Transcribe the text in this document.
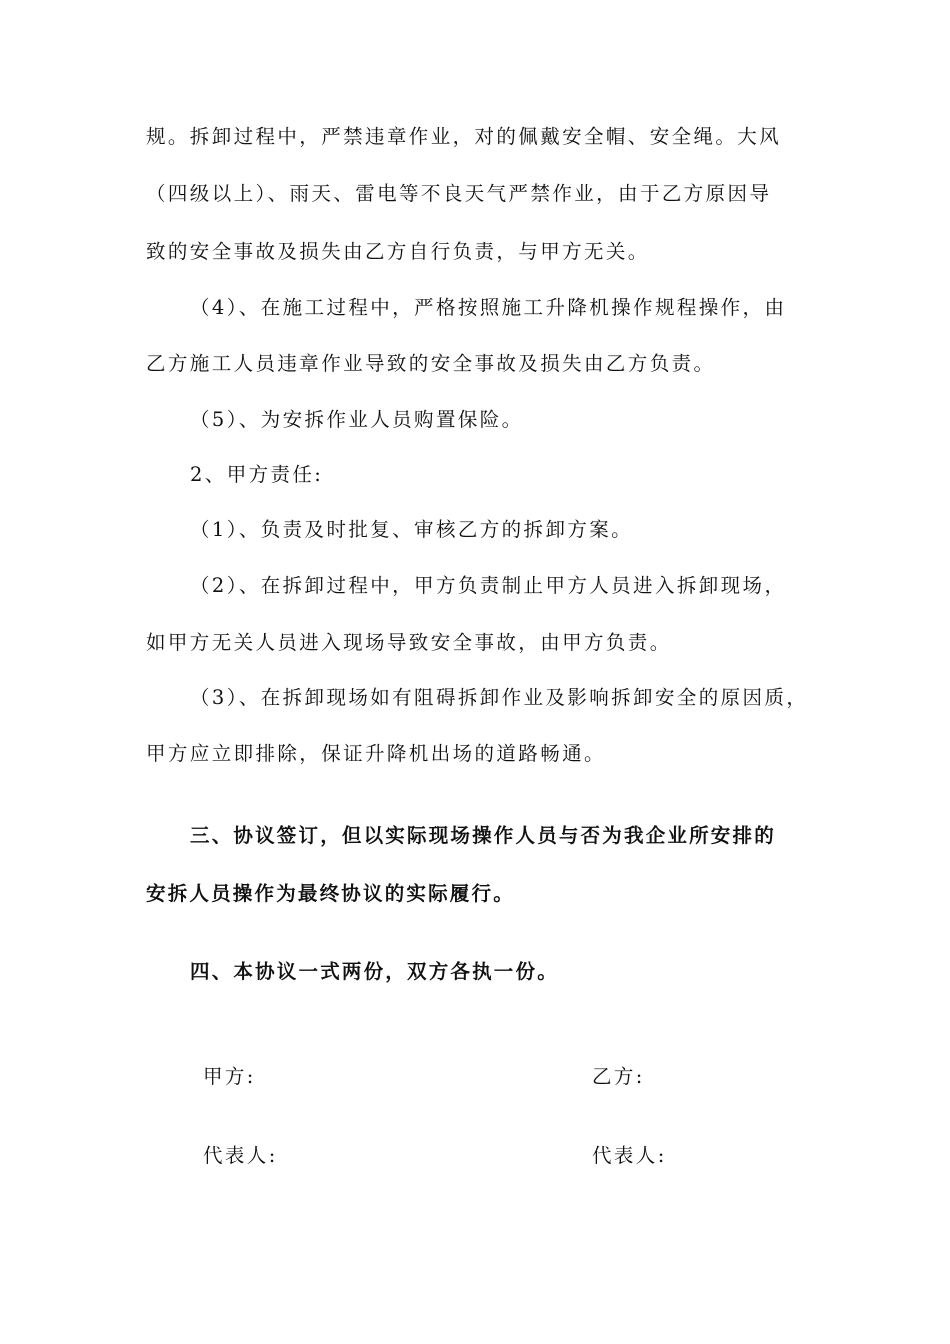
规。拆卸过程中，严禁违章作业，对的佩戴安全帽、安全绳。大风
（四级以上）、雨天、雷电等不良天气严禁作业，由于乙方原因导
致的安全事故及损失由乙方自行负责，与甲方无关。
（4）、在施工过程中，严格按照施工升降机操作规程操作，由
乙方施工人员违章作业导致的安全事故及损失由乙方负责。
（5）、为安拆作业人员购置保险。
2、甲方责任:
（1）、负责及时批复、审核乙方的拆卸方案。
（2）、在拆卸过程中，甲方负责制止甲方人员进入拆卸现场，
如甲方无关人员进入现场导致安全事故，由甲方负责。
（3）、在拆卸现场如有阻碍拆卸作业及影响拆卸安全的原因质，
甲方应立即排除，保证升降机出场的道路畅通。
三、协议签订，但以实际现场操作人员与否为我企业所安排的
安拆人员操作为最终协议的实际履行。
四、本协议一式两份，双方各执一份。
甲方:	乙方:
代表人:	代表人:
